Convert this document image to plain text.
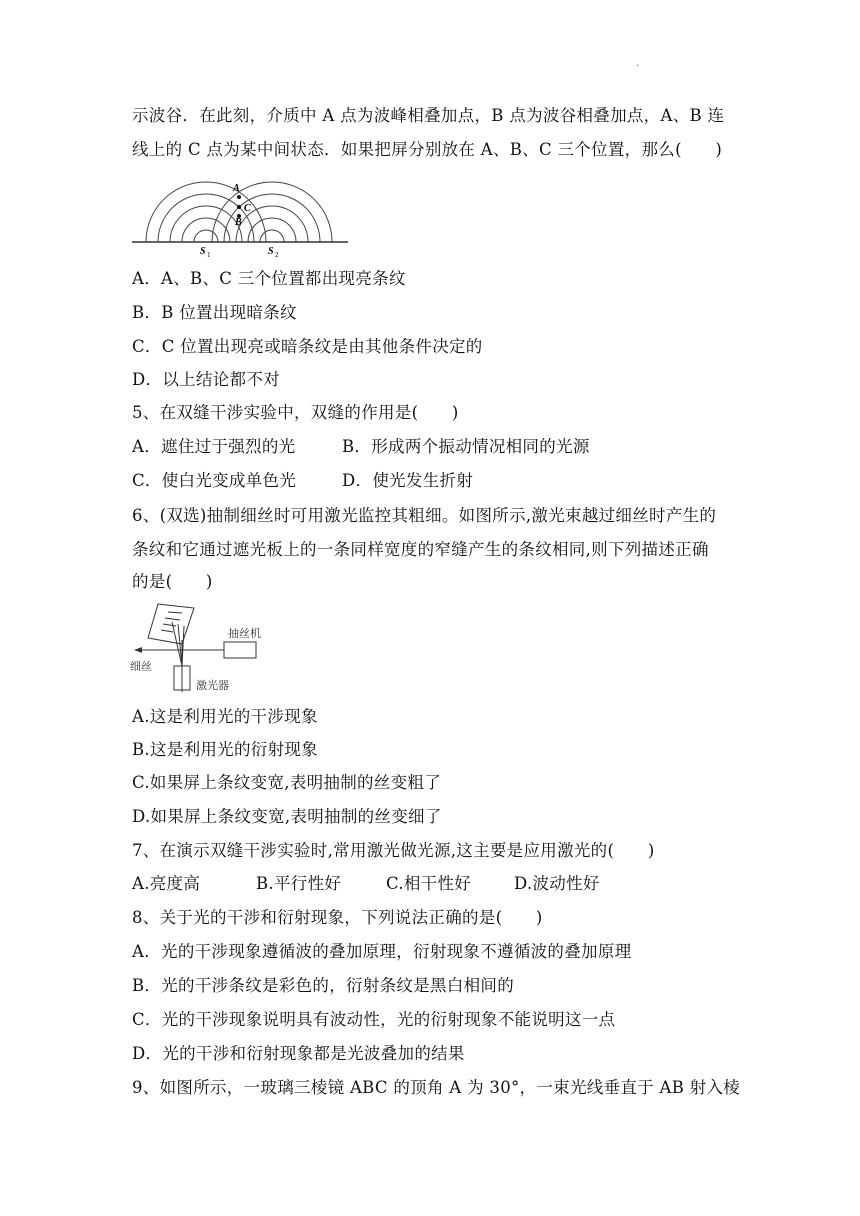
.
示波谷．在此刻，介质中 A 点为波峰相叠加点，B 点为波谷相叠加点，A、B 连
线上的 C 点为某中间状态．如果把屏分别放在 A、B、C 三个位置，那么(　　)
A
C
B
S 1	S 2
A．A、B、C 三个位置都出现亮条纹
B．B 位置出现暗条纹
C．C 位置出现亮或暗条纹是由其他条件决定的
D．以上结论都不对
5、在双缝干涉实验中，双缝的作用是(　　)
A．遮住过于强烈的光	B．形成两个振动情况相同的光源
C．使白光变成单色光	D．使光发生折射
6、(双选)抽制细丝时可用激光监控其粗细。如图所示,激光束越过细丝时产生的
条纹和它通过遮光板上的一条同样宽度的窄缝产生的条纹相同,则下列描述正确
的是(　　)
抽丝机
细丝
激光器
A.这是利用光的干涉现象
B.这是利用光的衍射现象
C.如果屏上条纹变宽,表明抽制的丝变粗了
D.如果屏上条纹变宽,表明抽制的丝变细了
7、在演示双缝干涉实验时,常用激光做光源,这主要是应用激光的(　　)
A.亮度高	B.平行性好	C.相干性好	D.波动性好
8、关于光的干涉和衍射现象，下列说法正确的是(　　)
A．光的干涉现象遵循波的叠加原理，衍射现象不遵循波的叠加原理
B．光的干涉条纹是彩色的，衍射条纹是黑白相间的
C．光的干涉现象说明具有波动性，光的衍射现象不能说明这一点
D．光的干涉和衍射现象都是光波叠加的结果
9、如图所示，一玻璃三棱镜 ABC 的顶角 A 为 30°，一束光线垂直于 AB 射入棱
